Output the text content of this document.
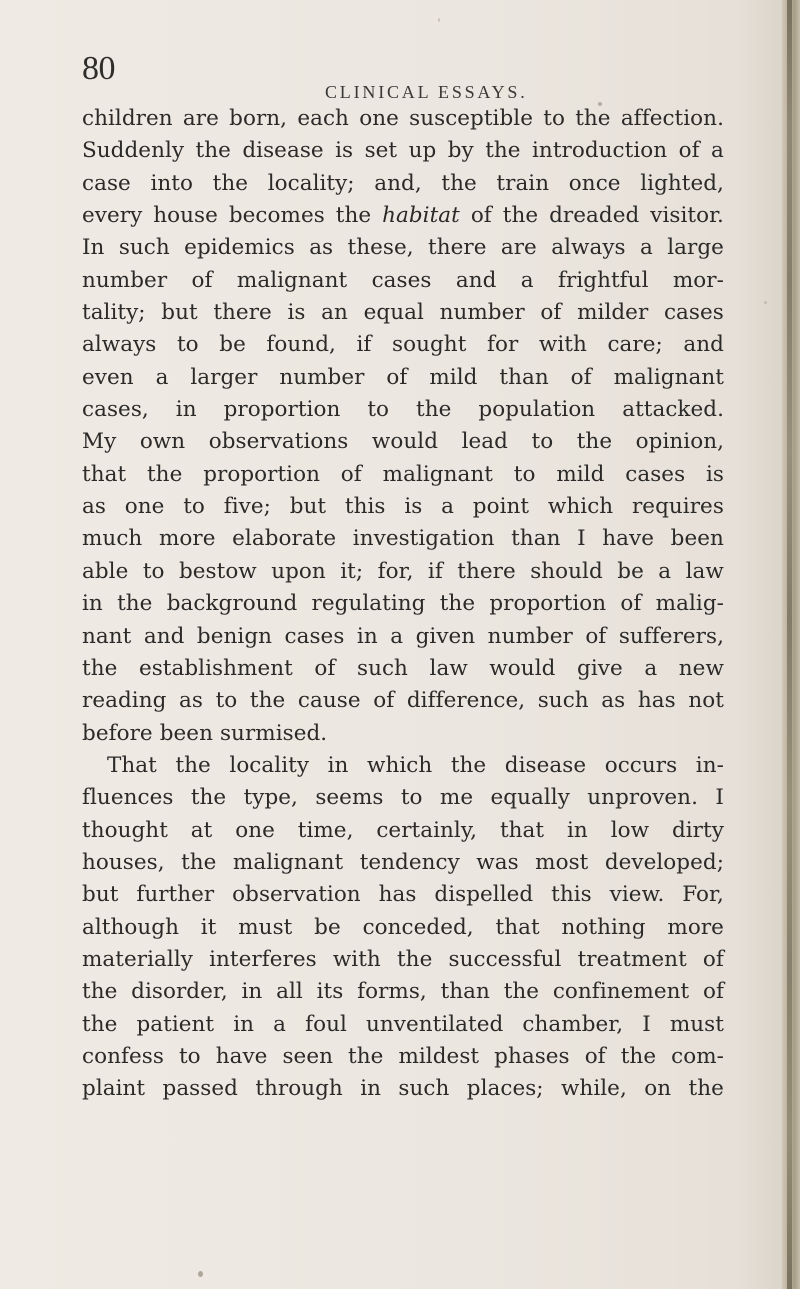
80
CLINICAL ESSAYS.
children are born, each one susceptible to the affection.
Suddenly the disease is set up by the introduction of a
case into the locality; and, the train once lighted,
every house becomes the habitat of the dreaded visitor.
In such epidemics as these, there are always a large
number of malignant cases and a frightful mor-
tality; but there is an equal number of milder cases
always to be found, if sought for with care; and
even a larger number of mild than of malignant
cases, in proportion to the population attacked.
My own observations would lead to the opinion,
that the proportion of malignant to mild cases is
as one to five; but this is a point which requires
much more elaborate investigation than I have been
able to bestow upon it; for, if there should be a law
in the background regulating the proportion of malig-
nant and benign cases in a given number of sufferers,
the establishment of such law would give a new
reading as to the cause of difference, such as has not
before been surmised.
That the locality in which the disease occurs in-
fluences the type, seems to me equally unproven. I
thought at one time, certainly, that in low dirty
houses, the malignant tendency was most developed;
but further observation has dispelled this view. For,
although it must be conceded, that nothing more
materially interferes with the successful treatment of
the disorder, in all its forms, than the confinement of
the patient in a foul unventilated chamber, I must
confess to have seen the mildest phases of the com-
plaint passed through in such places; while, on the
